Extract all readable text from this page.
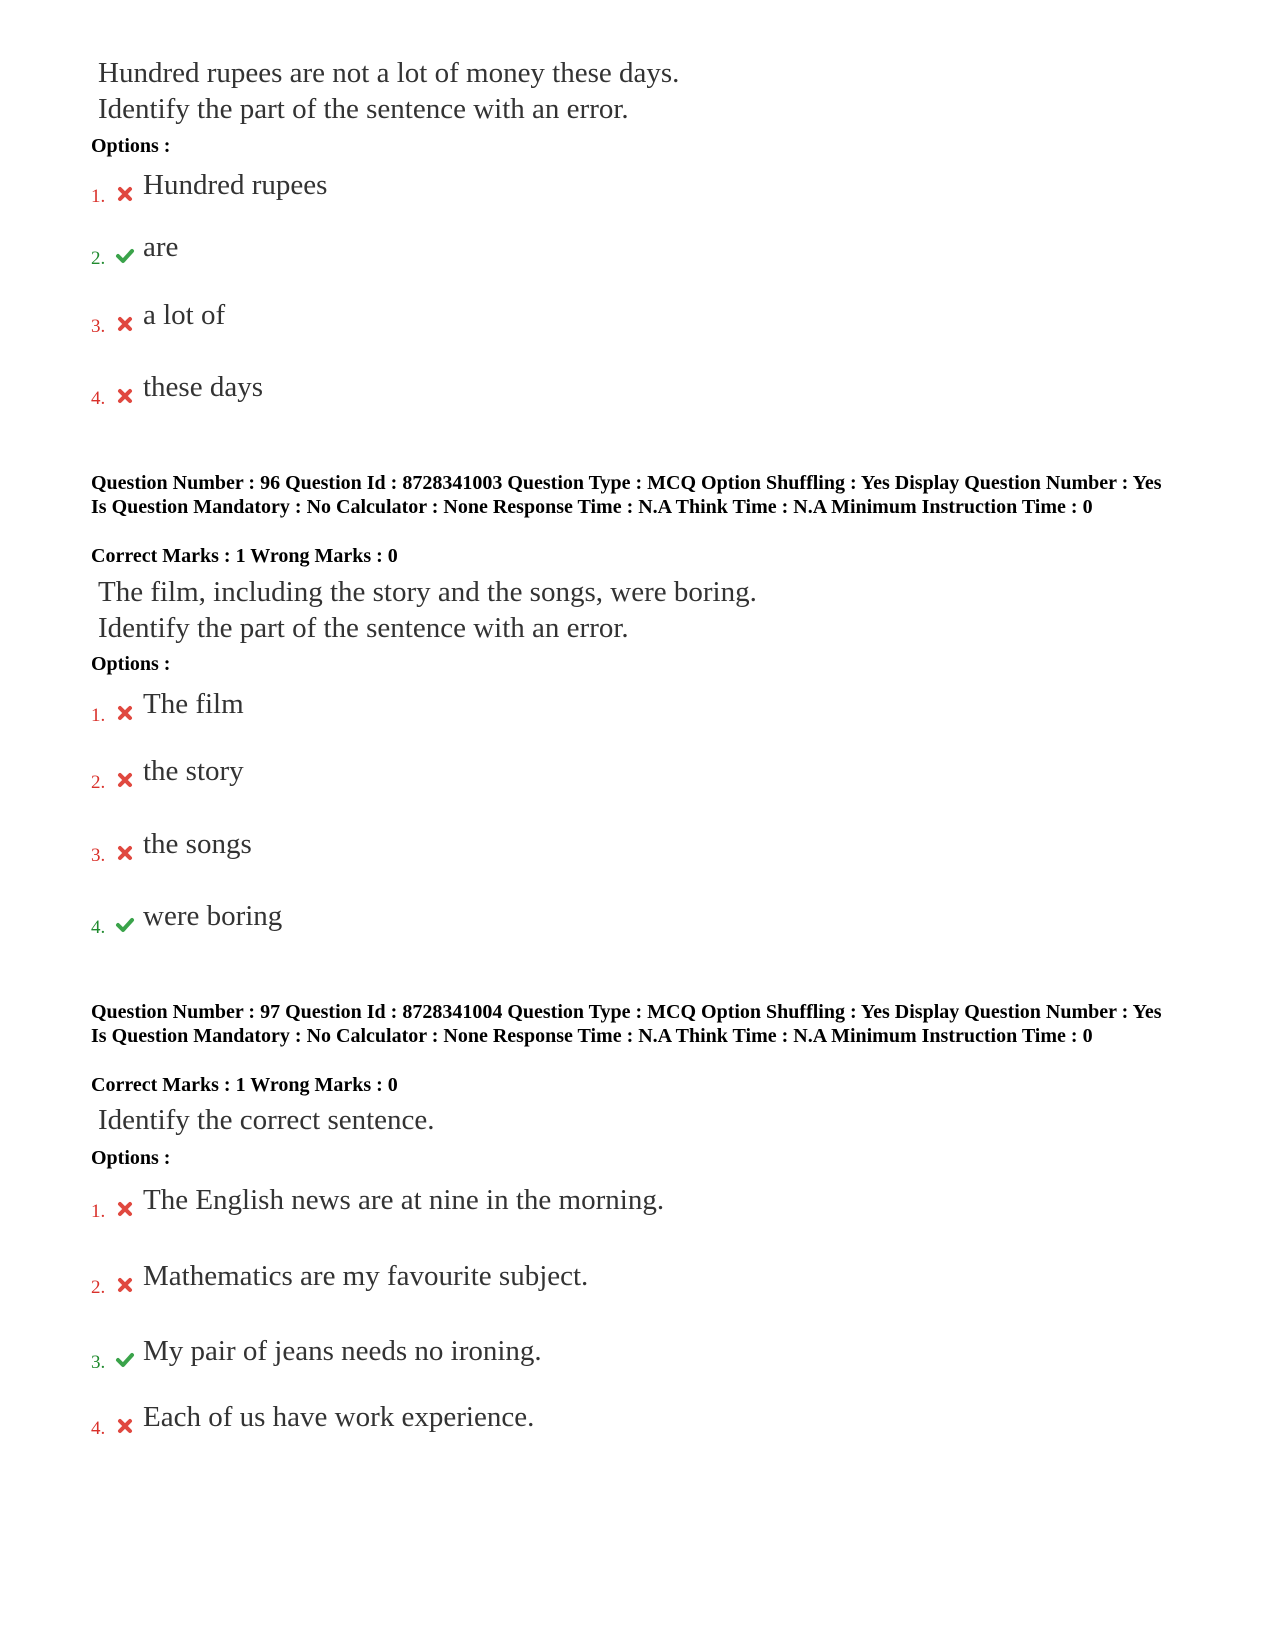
Hundred rupees are not a lot of money these days.
Identify the part of the sentence with an error.
Options :
1. Hundred rupees
2. are
3. a lot of
4. these days
Question Number : 96 Question Id : 8728341003 Question Type : MCQ Option Shuffling : Yes Display Question Number : Yes Is Question Mandatory : No Calculator : None Response Time : N.A Think Time : N.A Minimum Instruction Time : 0
Correct Marks : 1 Wrong Marks : 0
The film, including the story and the songs, were boring.
Identify the part of the sentence with an error.
Options :
1. The film
2. the story
3. the songs
4. were boring
Question Number : 97 Question Id : 8728341004 Question Type : MCQ Option Shuffling : Yes Display Question Number : Yes Is Question Mandatory : No Calculator : None Response Time : N.A Think Time : N.A Minimum Instruction Time : 0
Correct Marks : 1 Wrong Marks : 0
Identify the correct sentence.
Options :
1. The English news are at nine in the morning.
2. Mathematics are my favourite subject.
3. My pair of jeans needs no ironing.
4. Each of us have work experience.
